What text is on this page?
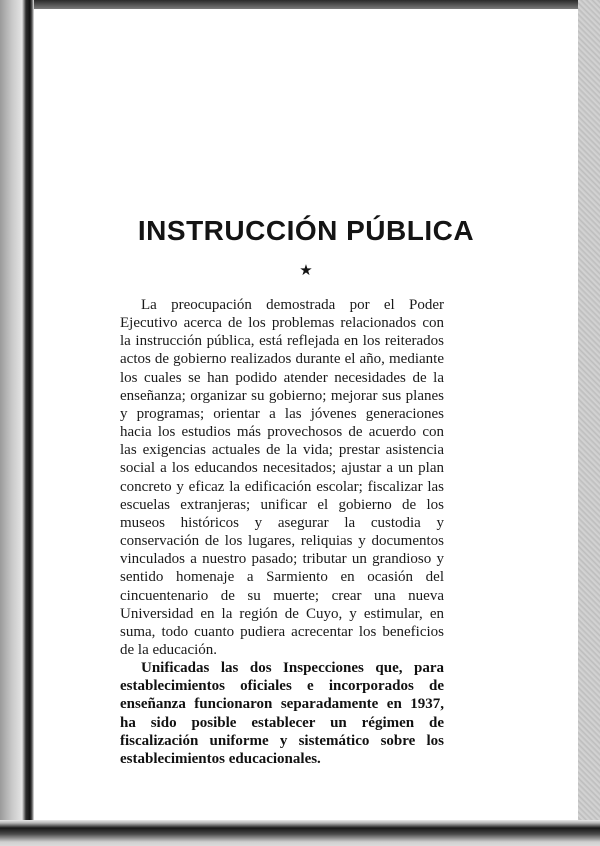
INSTRUCCIÓN PÚBLICA
★

La preocupación demostrada por el Poder Ejecutivo acerca de los problemas relacionados con la instrucción pública, está reflejada en los reiterados actos de gobierno realizados durante el año, mediante los cuales se han podido atender necesidades de la enseñanza; organizar su gobierno; mejorar sus planes y programas; orientar a las jóvenes generaciones hacia los estudios más provechosos de acuerdo con las exigencias actuales de la vida; prestar asistencia social a los educandos necesitados; ajustar a un plan concreto y eficaz la edificación escolar; fiscalizar las escuelas extranjeras; unificar el gobierno de los museos históricos y asegurar la custodia y conservación de los lugares, reliquias y documentos vinculados a nuestro pasado; tributar un grandioso y sentido homenaje a Sarmiento en ocasión del cincuentenario de su muerte; crear una nueva Universidad en la región de Cuyo, y estimular, en suma, todo cuanto pudiera acrecentar los beneficios de la educación.

Unificadas las dos Inspecciones que, para establecimientos oficiales e incorporados de enseñanza funcionaron separadamente en 1937, ha sido posible establecer un régimen de fiscalización uniforme y sistemático sobre los establecimientos educacionales.
